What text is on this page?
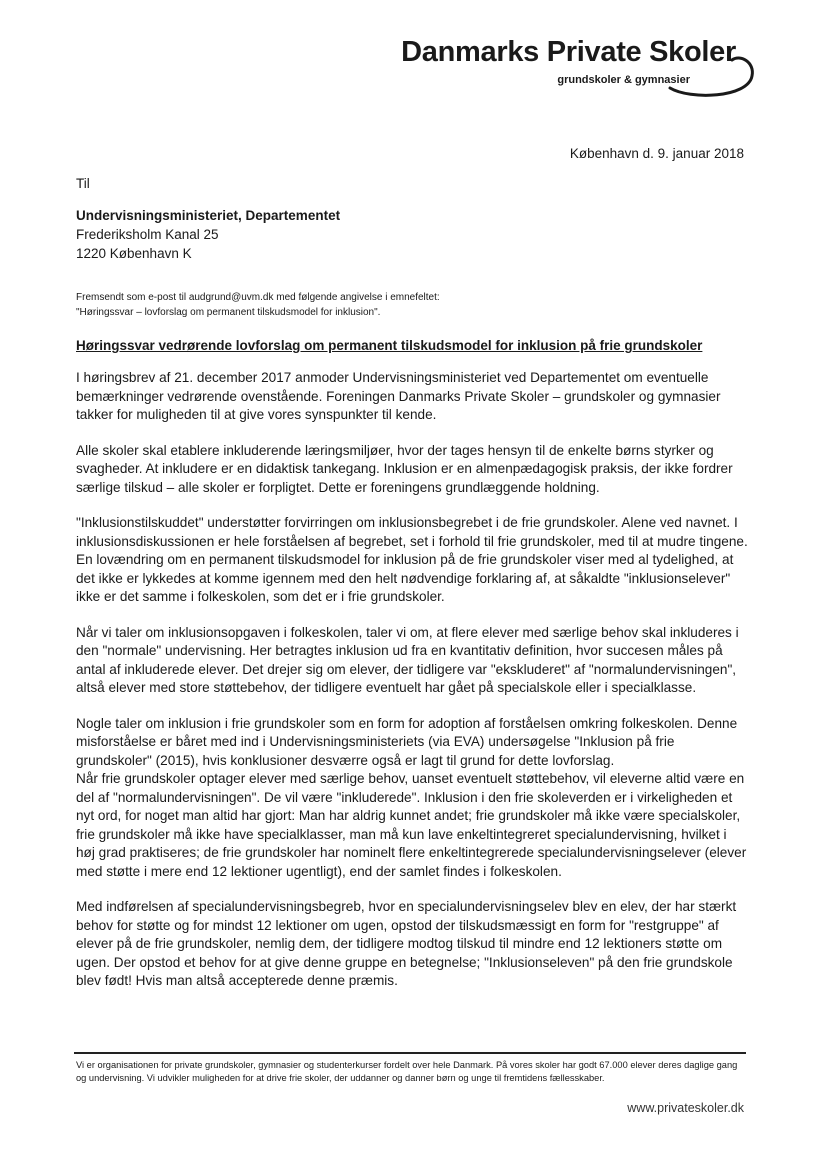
Danmarks Private Skoler
grundskoler & gymnasier
København d. 9. januar 2018
Til
Undervisningsministeriet, Departementet
Frederiksholm Kanal 25
1220 København K
Fremsendt som e-post til audgrund@uvm.dk med følgende angivelse i emnefeltet:
"Høringssvar – lovforslag om permanent tilskudsmodel for inklusion".
Høringssvar vedrørende lovforslag om permanent tilskudsmodel for inklusion på frie grundskoler

I høringsbrev af 21. december 2017 anmoder Undervisningsministeriet ved Departementet om eventuelle bemærkninger vedrørende ovenstående. Foreningen Danmarks Private Skoler – grundskoler og gymnasier takker for muligheden til at give vores synspunkter til kende.

Alle skoler skal etablere inkluderende læringsmiljøer, hvor der tages hensyn til de enkelte børns styrker og svagheder. At inkludere er en didaktisk tankegang. Inklusion er en almenpædagogisk praksis, der ikke fordrer særlige tilskud – alle skoler er forpligtet. Dette er foreningens grundlæggende holdning.

"Inklusionstilskuddet" understøtter forvirringen om inklusionsbegrebet i de frie grundskoler. Alene ved navnet. I inklusionsdiskussionen er hele forståelsen af begrebet, set i forhold til frie grundskoler, med til at mudre tingene. En lovændring om en permanent tilskudsmodel for inklusion på de frie grundskoler viser med al tydelighed, at det ikke er lykkedes at komme igennem med den helt nødvendige forklaring af, at såkaldte "inklusionselever" ikke er det samme i folkeskolen, som det er i frie grundskoler.

Når vi taler om inklusionsopgaven i folkeskolen, taler vi om, at flere elever med særlige behov skal inkluderes i den "normale" undervisning. Her betragtes inklusion ud fra en kvantitativ definition, hvor succesen måles på antal af inkluderede elever. Det drejer sig om elever, der tidligere var "ekskluderet" af "normalundervisningen", altså elever med store støttebehov, der tidligere eventuelt har gået på specialskole eller i specialklasse.

Nogle taler om inklusion i frie grundskoler som en form for adoption af forståelsen omkring folkeskolen. Denne misforståelse er båret med ind i Undervisningsministeriets (via EVA) undersøgelse "Inklusion på frie grundskoler" (2015), hvis konklusioner desværre også er lagt til grund for dette lovforslag.

Når frie grundskoler optager elever med særlige behov, uanset eventuelt støttebehov, vil eleverne altid være en del af "normalundervisningen". De vil være "inkluderede". Inklusion i den frie skoleverden er i virkeligheden et nyt ord, for noget man altid har gjort: Man har aldrig kunnet andet; frie grundskoler må ikke være specialskoler, frie grundskoler må ikke have specialklasser, man må kun lave enkeltintegreret specialundervisning, hvilket i høj grad praktiseres; de frie grundskoler har nominelt flere enkeltintegrerede specialundervisningselever (elever med støtte i mere end 12 lektioner ugentligt), end der samlet findes i folkeskolen.

Med indførelsen af specialundervisningsbegreb, hvor en specialundervisningselev blev en elev, der har stærkt behov for støtte og for mindst 12 lektioner om ugen, opstod der tilskudsmæssigt en form for "restgruppe" af elever på de frie grundskoler, nemlig dem, der tidligere modtog tilskud til mindre end 12 lektioners støtte om ugen. Der opstod et behov for at give denne gruppe en betegnelse; "Inklusionseleven" på den frie grundskole blev født! Hvis man altså accepterede denne præmis.

Vi er organisationen for private grundskoler, gymnasier og studenterkurser fordelt over hele Danmark. På vores skoler har godt 67.000 elever deres daglige gang og undervisning. Vi udvikler muligheden for at drive frie skoler, der uddanner og danner børn og unge til fremtidens fællesskaber.
www.privateskoler.dk
